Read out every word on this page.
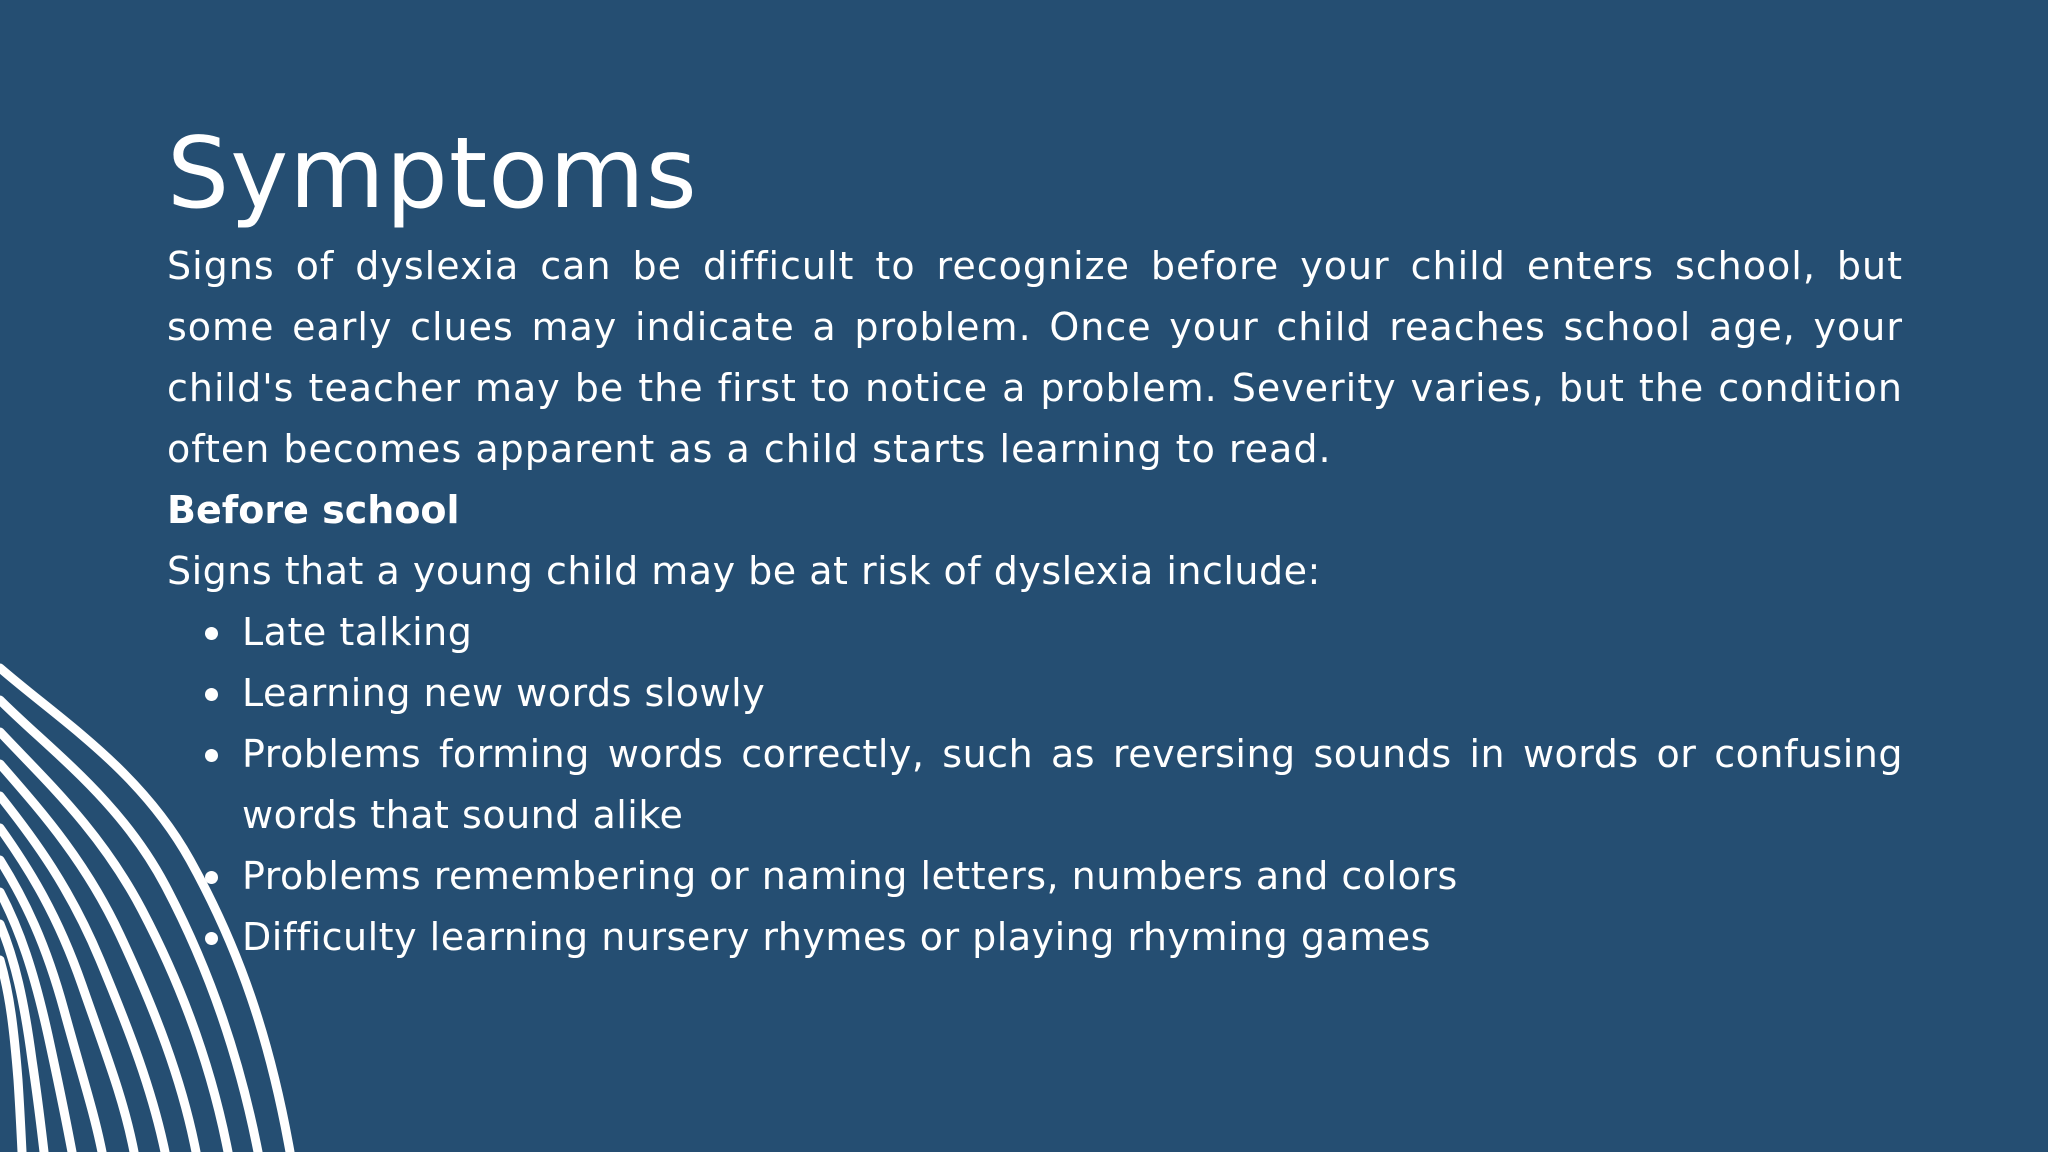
Symptoms

Signs of dyslexia can be difficult to recognize before your child enters school, but some early clues may indicate a problem. Once your child reaches school age, your child's teacher may be the first to notice a problem. Severity varies, but the condition often becomes apparent as a child starts learning to read.

Before school

Signs that a young child may be at risk of dyslexia include:

Late talking
Learning new words slowly
Problems forming words correctly, such as reversing sounds in words or confusing words that sound alike
Problems remembering or naming letters, numbers and colors
Difficulty learning nursery rhymes or playing rhyming games
